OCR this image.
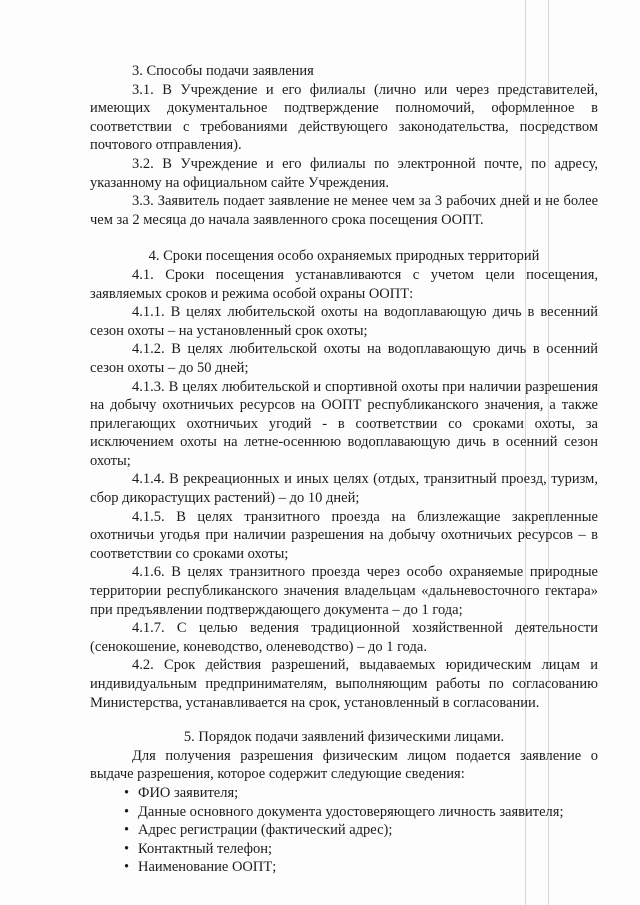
3. Способы подачи заявления

3.1. В Учреждение и его филиалы (лично или через представителей, имеющих документальное подтверждение полномочий, оформленное в соответствии с требованиями действующего законодательства, посредством почтового отправления).

3.2. В Учреждение и его филиалы по электронной почте, по адресу, указанному на официальном сайте Учреждения.

3.3. Заявитель подает заявление не менее чем за 3 рабочих дней и не более чем за 2 месяца до начала заявленного срока посещения ООПТ.

4. Сроки посещения особо охраняемых природных территорий

4.1. Сроки посещения устанавливаются с учетом цели посещения, заявляемых сроков и режима особой охраны ООПТ:

4.1.1. В целях любительской охоты на водоплавающую дичь в весенний сезон охоты – на установленный срок охоты;

4.1.2. В целях любительской охоты на водоплавающую дичь в осенний сезон охоты – до 50 дней;

4.1.3. В целях любительской и спортивной охоты при наличии разрешения на добычу охотничьих ресурсов на ООПТ республиканского значения, а также прилегающих охотничьих угодий - в соответствии со сроками охоты, за исключением охоты на летне-осеннюю водоплавающую дичь в осенний сезон охоты;

4.1.4. В рекреационных и иных целях (отдых, транзитный проезд, туризм, сбор дикорастущих растений) – до 10 дней;

4.1.5. В целях транзитного проезда на близлежащие закрепленные охотничьи угодья при наличии разрешения на добычу охотничьих ресурсов – в соответствии со сроками охоты;

4.1.6. В целях транзитного проезда через особо охраняемые природные территории республиканского значения владельцам «дальневосточного гектара» при предъявлении подтверждающего документа – до 1 года;

4.1.7. С целью ведения традиционной хозяйственной деятельности (сенокошение, коневодство, оленеводство) – до 1 года.

4.2. Срок действия разрешений, выдаваемых юридическим лицам и индивидуальным предпринимателям, выполняющим работы по согласованию Министерства, устанавливается на срок, установленный в согласовании.

5. Порядок подачи заявлений физическими лицами.

Для получения разрешения физическим лицом подается заявление о выдаче разрешения, которое содержит следующие сведения:

• ФИО заявителя;
• Данные основного документа удостоверяющего личность заявителя;
• Адрес регистрации (фактический адрес);
• Контактный телефон;
• Наименование ООПТ;
